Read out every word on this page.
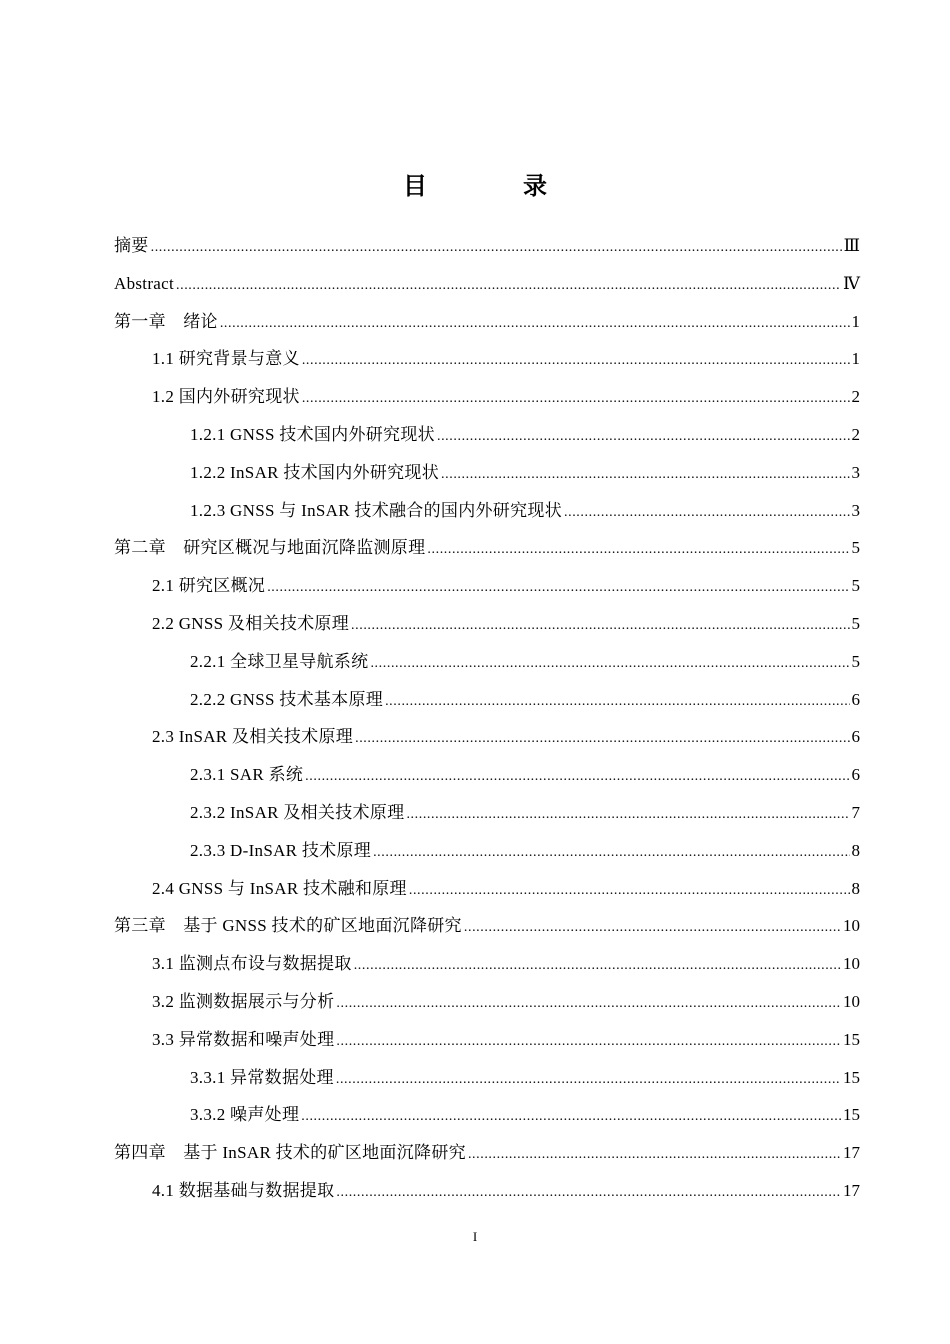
目　录
摘要 .....	Ⅲ
Abstract .....	Ⅳ
第一章　绪论 .....	1
1.1 研究背景与意义 .....	1
1.2 国内外研究现状 .....	2
1.2.1 GNSS 技术国内外研究现状 .....	2
1.2.2 InSAR 技术国内外研究现状 .....	3
1.2.3 GNSS 与 InSAR 技术融合的国内外研究现状 .....	3
第二章　研究区概况与地面沉降监测原理 .....	5
2.1 研究区概况 .....	5
2.2 GNSS 及相关技术原理 .....	5
2.2.1 全球卫星导航系统 .....	5
2.2.2 GNSS 技术基本原理 .....	6
2.3 InSAR 及相关技术原理 .....	6
2.3.1 SAR 系统 .....	6
2.3.2 InSAR 及相关技术原理 .....	7
2.3.3 D-InSAR 技术原理 .....	8
2.4 GNSS 与 InSAR 技术融和原理 .....	8
第三章　基于 GNSS 技术的矿区地面沉降研究 .....	10
3.1 监测点布设与数据提取 .....	10
3.2 监测数据展示与分析 .....	10
3.3 异常数据和噪声处理 .....	15
3.3.1 异常数据处理 .....	15
3.3.2 噪声处理 .....	15
第四章　基于 InSAR 技术的矿区地面沉降研究 .....	17
4.1 数据基础与数据提取 .....	17
I
